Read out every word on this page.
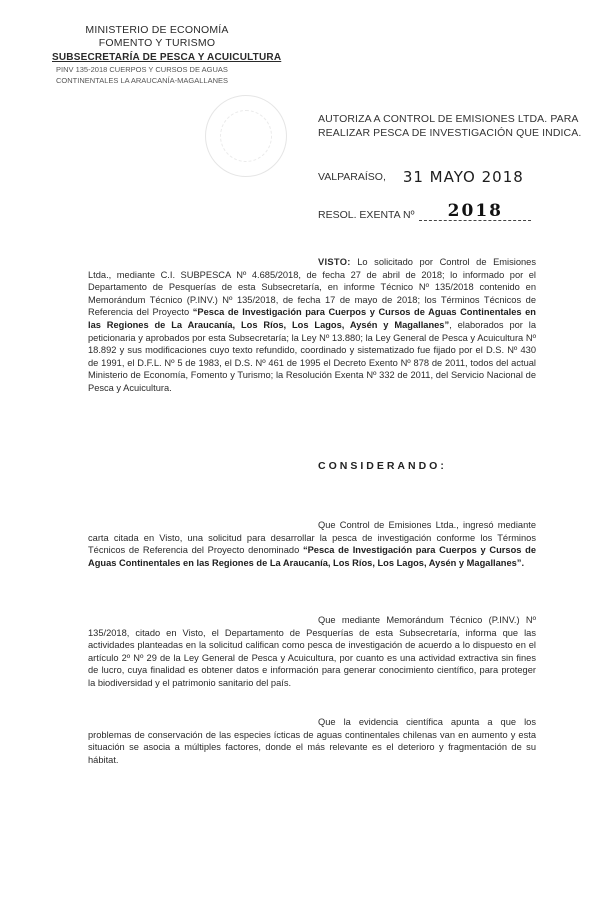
MINISTERIO DE ECONOMÍA
FOMENTO Y TURISMO
SUBSECRETARÍA DE PESCA Y ACUICULTURA
PINV 135-2018 CUERPOS Y CURSOS DE AGUAS
CONTINENTALES LA ARAUCANÍA-MAGALLANES
AUTORIZA A CONTROL DE EMISIONES LTDA. PARA
REALIZAR PESCA DE INVESTIGACIÓN QUE INDICA.
VALPARAÍSO, 31 MAYO 2018
RESOL. EXENTA Nº 2018
VISTO: Lo solicitado por Control de Emisiones Ltda., mediante C.I. SUBPESCA Nº 4.685/2018, de fecha 27 de abril de 2018; lo informado por el Departamento de Pesquerías de esta Subsecretaría, en informe Técnico Nº 135/2018 contenido en Memorándum Técnico (P.INV.) Nº 135/2018, de fecha 17 de mayo de 2018; los Términos Técnicos de Referencia del Proyecto “Pesca de Investigación para Cuerpos y Cursos de Aguas Continentales en las Regiones de La Araucanía, Los Ríos, Los Lagos, Aysén y Magallanes”, elaborados por la peticionaria y aprobados por esta Subsecretaría; la Ley Nº 13.880; la Ley General de Pesca y Acuicultura Nº 18.892 y sus modificaciones cuyo texto refundido, coordinado y sistematizado fue fijado por el D.S. Nº 430 de 1991, el D.F.L. Nº 5 de 1983, el D.S. Nº 461 de 1995 el Decreto Exento Nº 878 de 2011, todos del actual Ministerio de Economía, Fomento y Turismo; la Resolución Exenta Nº 332 de 2011, del Servicio Nacional de Pesca y Acuicultura.
CONSIDERANDO:
Que Control de Emisiones Ltda., ingresó mediante carta citada en Visto, una solicitud para desarrollar la pesca de investigación conforme los Términos Técnicos de Referencia del Proyecto denominado “Pesca de Investigación para Cuerpos y Cursos de Aguas Continentales en las Regiones de La Araucanía, Los Ríos, Los Lagos, Aysén y Magallanes”.
Que mediante Memorándum Técnico (P.INV.) Nº 135/2018, citado en Visto, el Departamento de Pesquerías de esta Subsecretaría, informa que las actividades planteadas en la solicitud califican como pesca de investigación de acuerdo a lo dispuesto en el artículo 2º Nº 29 de la Ley General de Pesca y Acuicultura, por cuanto es una actividad extractiva sin fines de lucro, cuya finalidad es obtener datos e información para generar conocimiento científico, para proteger la biodiversidad y el patrimonio sanitario del país.
Que la evidencia científica apunta a que los problemas de conservación de las especies ícticas de aguas continentales chilenas van en aumento y esta situación se asocia a múltiples factores, donde el más relevante es el deterioro y fragmentación de su hábitat.
